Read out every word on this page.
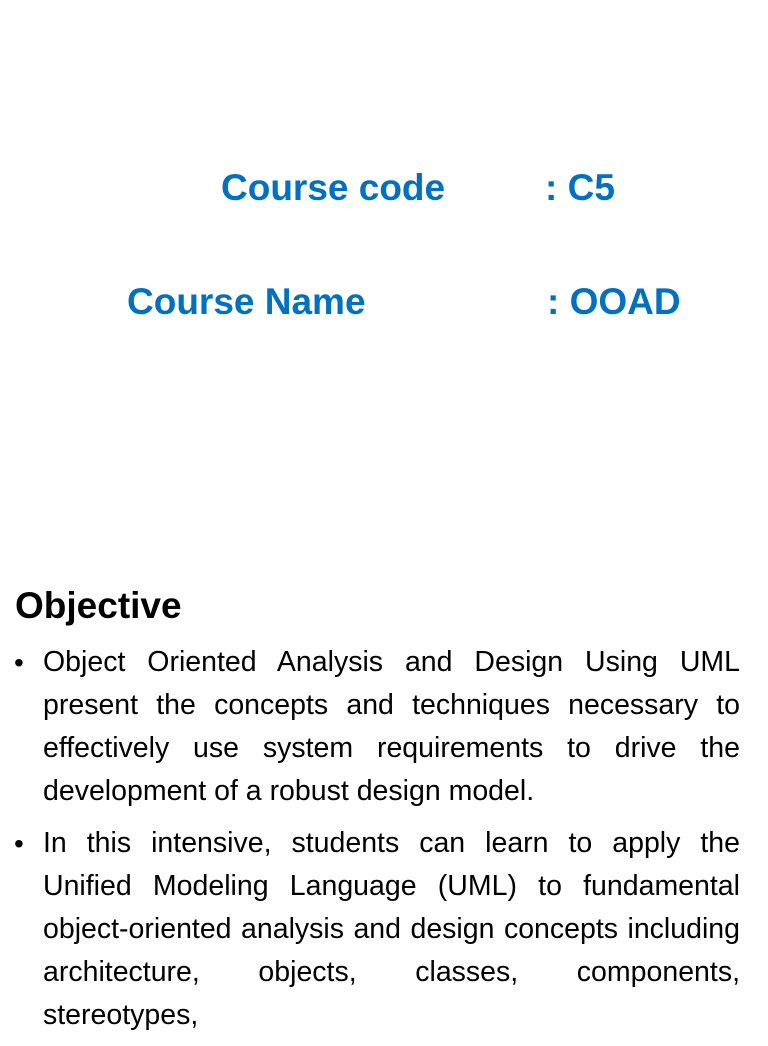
Course code	: C5
Course Name	: OOAD
Objective
• Object Oriented Analysis and Design Using UML present the concepts and techniques necessary to effectively use system requirements to drive the development of a robust design model.
• In this intensive, students can learn to apply the Unified Modeling Language (UML) to fundamental object-oriented analysis and design concepts including architecture, objects, classes, components, stereotypes,
